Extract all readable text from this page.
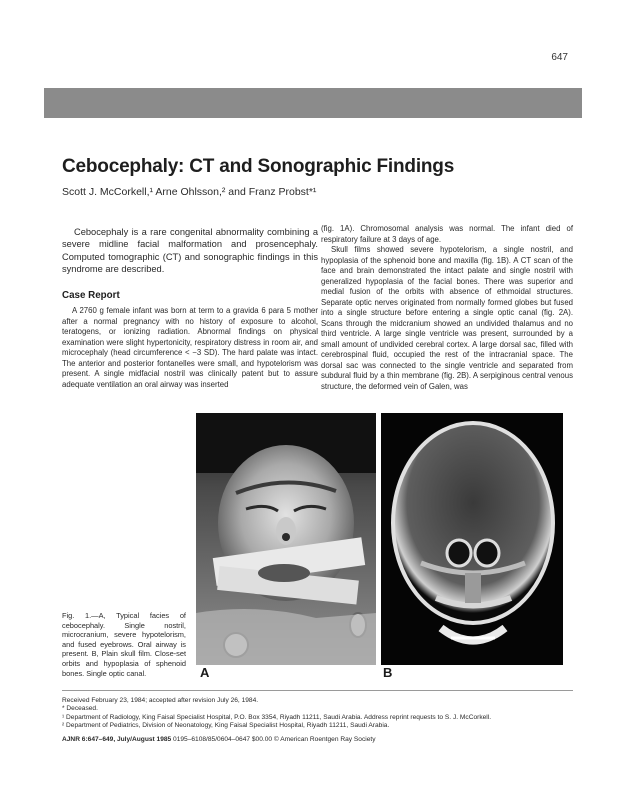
647
Cebocephaly: CT and Sonographic Findings
Scott J. McCorkell,¹ Arne Ohlsson,² and Franz Probst*¹

Cebocephaly is a rare congenital abnormality combining a severe midline facial malformation and prosencephaly. Computed tomographic (CT) and sonographic findings in this syndrome are described.

Case Report

A 2760 g female infant was born at term to a gravida 6 para 5 mother after a normal pregnancy with no history of exposure to alcohol, teratogens, or ionizing radiation. Abnormal findings on physical examination were slight hypertonicity, respiratory distress in room air, and microcephaly (head circumference < −3 SD). The hard palate was intact. The anterior and posterior fontanelles were small, and hypotelorism was present. A single midfacial nostril was clinically patent but to assure adequate ventilation an oral airway was inserted

(fig. 1A). Chromosomal analysis was normal. The infant died of respiratory failure at 3 days of age.

Skull films showed severe hypotelorism, a single nostril, and hypoplasia of the sphenoid bone and maxilla (fig. 1B). A CT scan of the face and brain demonstrated the intact palate and single nostril with generalized hypoplasia of the facial bones. There was superior and medial fusion of the orbits with absence of ethmoidal structures. Separate optic nerves originated from normally formed globes but fused into a single structure before entering a single optic canal (fig. 2A). Scans through the midcranium showed an undivided thalamus and no third ventricle. A large single ventricle was present, surrounded by a small amount of undivided cerebral cortex. A large dorsal sac, filled with cerebrospinal fluid, occupied the rest of the intracranial space. The dorsal sac was connected to the single ventricle and separated from subdural fluid by a thin membrane (fig. 2B). A serpiginous central venous structure, the deformed vein of Galen, was

Fig. 1.—A, Typical facies of cebocephaly. Single nostril, microcranium, severe hypotelorism, and fused eyebrows. Oral airway is present. B, Plain skull film. Close-set orbits and hypoplasia of sphenoid bones. Single optic canal.	A	B
Received February 23, 1984; accepted after revision July 26, 1984.
* Deceased.
¹ Department of Radiology, King Faisal Specialist Hospital, P.O. Box 3354, Riyadh 11211, Saudi Arabia. Address reprint requests to S. J. McCorkell.
² Department of Pediatrics, Division of Neonatology, King Faisal Specialist Hospital, Riyadh 11211, Saudi Arabia.
AJNR 6:647–649, July/August 1985 0195–6108/85/0604–0647 $00.00 © American Roentgen Ray Society
